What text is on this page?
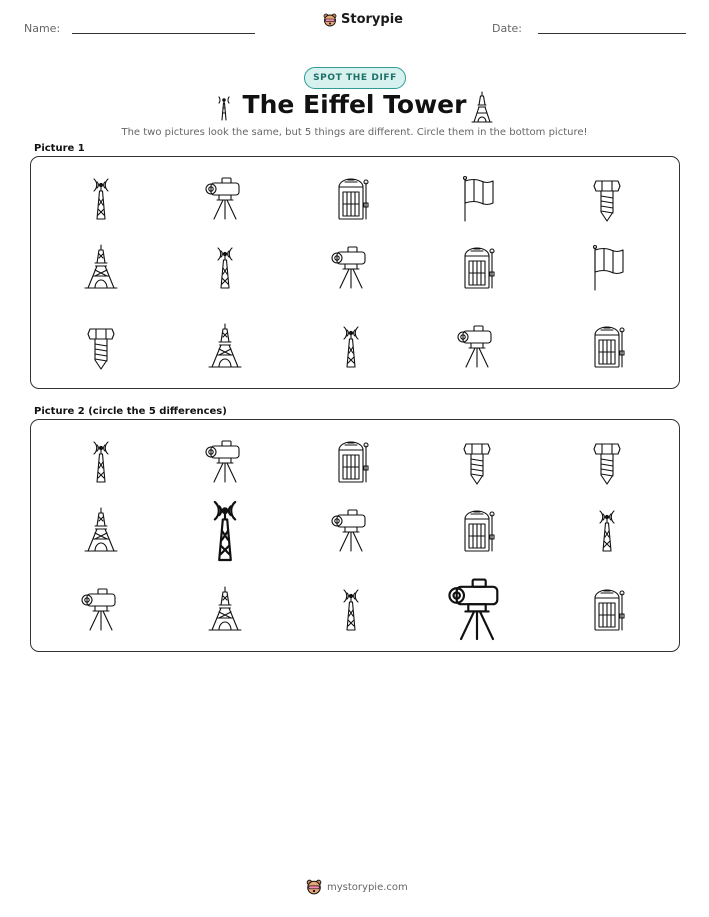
Name:
Storypie
Date:
SPOT THE DIFF
The Eiffel Tower
The two pictures look the same, but 5 things are different. Circle them in the bottom picture!
Picture 1
Picture 2 (circle the 5 differences)
mystorypie.com
